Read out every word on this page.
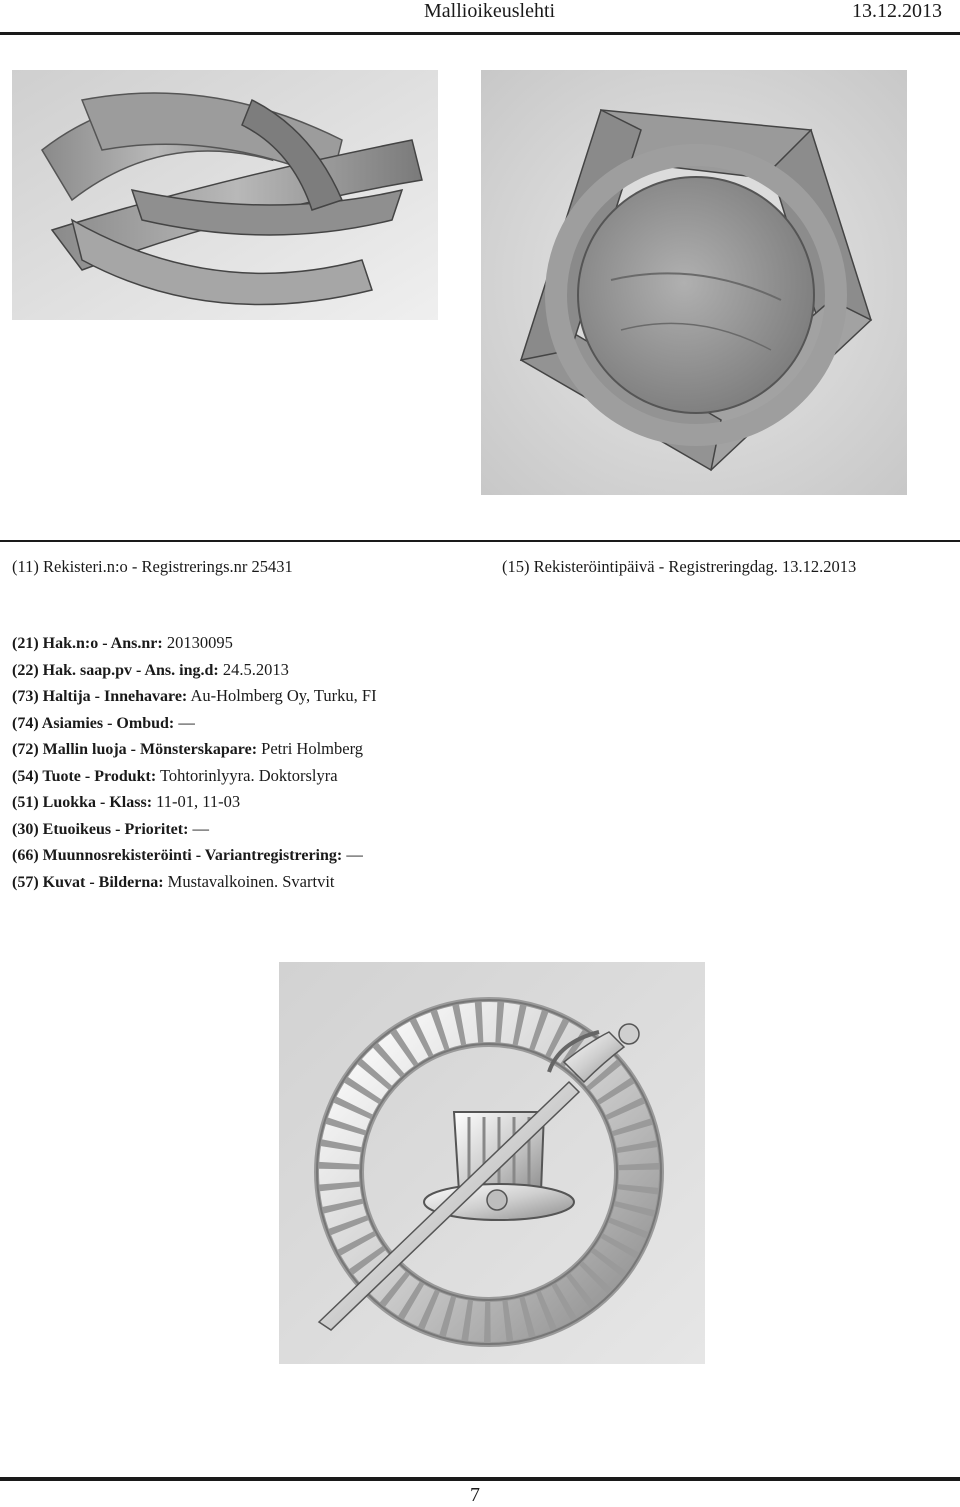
Mallioikeuslehti	13.12.2013
(11) Rekisteri.n:o - Registrerings.nr 25431	(15) Rekisteröintipäivä - Registreringdag. 13.12.2013
(21) Hak.n:o - Ans.nr: 20130095
(22) Hak. saap.pv - Ans. ing.d: 24.5.2013
(73) Haltija - Innehavare: Au-Holmberg Oy, Turku, FI
(74) Asiamies - Ombud: —
(72) Mallin luoja - Mönsterskapare: Petri Holmberg
(54) Tuote - Produkt: Tohtorinlyyra. Doktorslyra
(51) Luokka - Klass: 11-01, 11-03
(30) Etuoikeus - Prioritet: —
(66) Muunnosrekisteröinti - Variantregistrering: —
(57) Kuvat - Bilderna: Mustavalkoinen. Svartvit
7
